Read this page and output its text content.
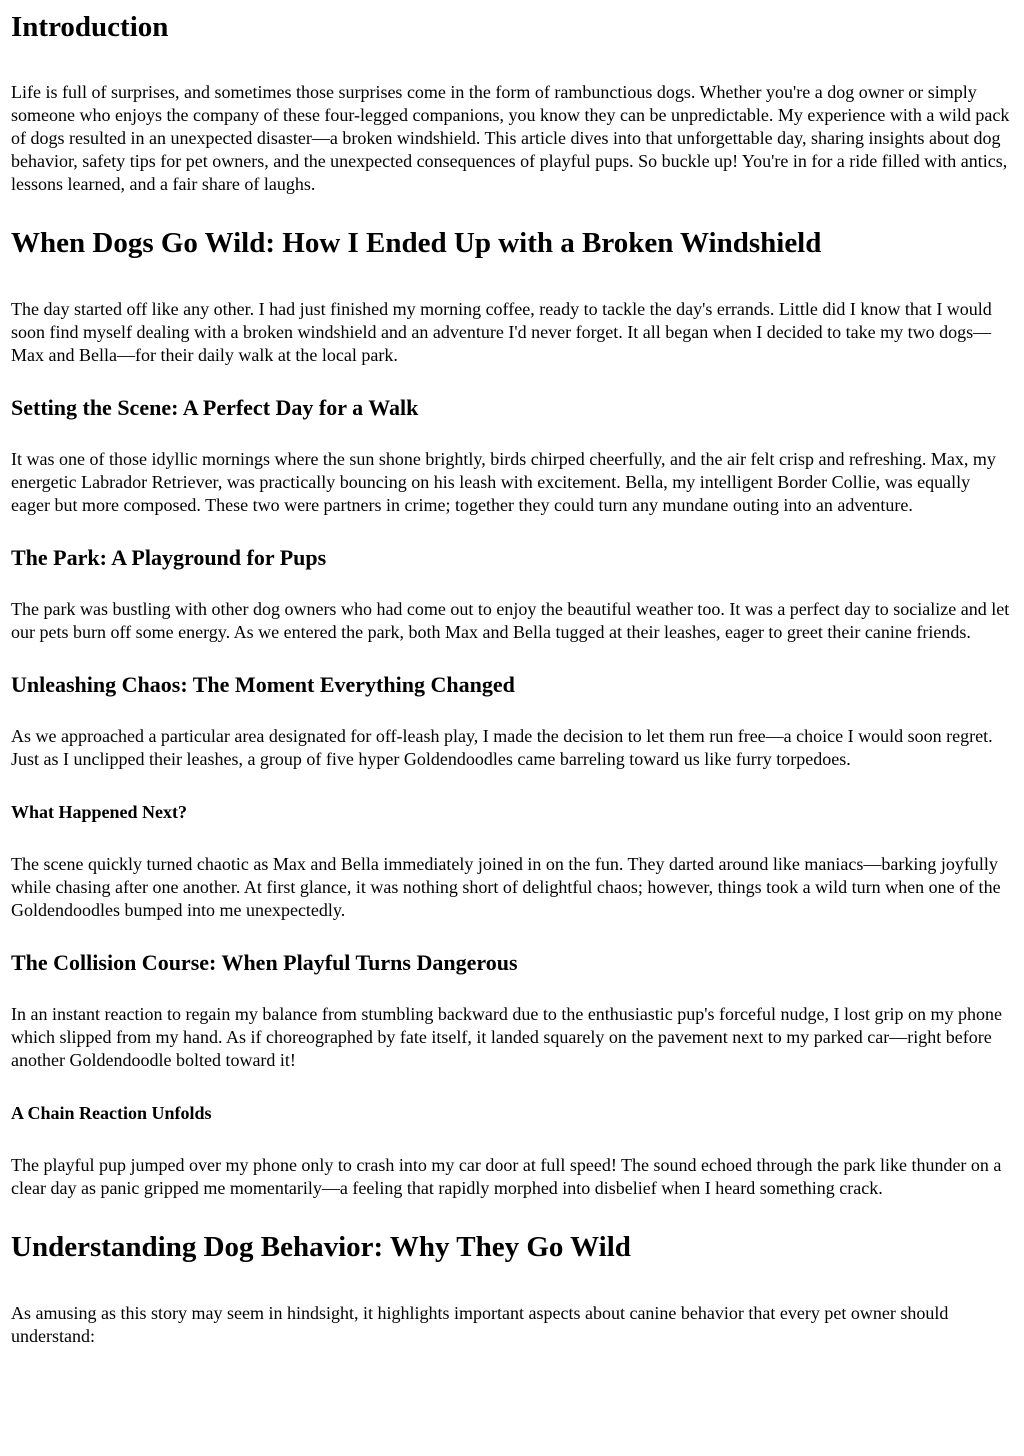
Introduction

Life is full of surprises, and sometimes those surprises come in the form of rambunctious dogs. Whether you're a dog owner or simply someone who enjoys the company of these four-legged companions, you know they can be unpredictable. My experience with a wild pack of dogs resulted in an unexpected disaster—a broken windshield. This article dives into that unforgettable day, sharing insights about dog behavior, safety tips for pet owners, and the unexpected consequences of playful pups. So buckle up! You're in for a ride filled with antics, lessons learned, and a fair share of laughs.

When Dogs Go Wild: How I Ended Up with a Broken Windshield

The day started off like any other. I had just finished my morning coffee, ready to tackle the day's errands. Little did I know that I would soon find myself dealing with a broken windshield and an adventure I'd never forget. It all began when I decided to take my two dogs—Max and Bella—for their daily walk at the local park.

Setting the Scene: A Perfect Day for a Walk

It was one of those idyllic mornings where the sun shone brightly, birds chirped cheerfully, and the air felt crisp and refreshing. Max, my energetic Labrador Retriever, was practically bouncing on his leash with excitement. Bella, my intelligent Border Collie, was equally eager but more composed. These two were partners in crime; together they could turn any mundane outing into an adventure.

The Park: A Playground for Pups

The park was bustling with other dog owners who had come out to enjoy the beautiful weather too. It was a perfect day to socialize and let our pets burn off some energy. As we entered the park, both Max and Bella tugged at their leashes, eager to greet their canine friends.

Unleashing Chaos: The Moment Everything Changed

As we approached a particular area designated for off-leash play, I made the decision to let them run free—a choice I would soon regret. Just as I unclipped their leashes, a group of five hyper Goldendoodles came barreling toward us like furry torpedoes.

What Happened Next?

The scene quickly turned chaotic as Max and Bella immediately joined in on the fun. They darted around like maniacs—barking joyfully while chasing after one another. At first glance, it was nothing short of delightful chaos; however, things took a wild turn when one of the Goldendoodles bumped into me unexpectedly.

The Collision Course: When Playful Turns Dangerous

In an instant reaction to regain my balance from stumbling backward due to the enthusiastic pup's forceful nudge, I lost grip on my phone which slipped from my hand. As if choreographed by fate itself, it landed squarely on the pavement next to my parked car—right before another Goldendoodle bolted toward it!

A Chain Reaction Unfolds

The playful pup jumped over my phone only to crash into my car door at full speed! The sound echoed through the park like thunder on a clear day as panic gripped me momentarily—a feeling that rapidly morphed into disbelief when I heard something crack.

Understanding Dog Behavior: Why They Go Wild

As amusing as this story may seem in hindsight, it highlights important aspects about canine behavior that every pet owner should understand:
